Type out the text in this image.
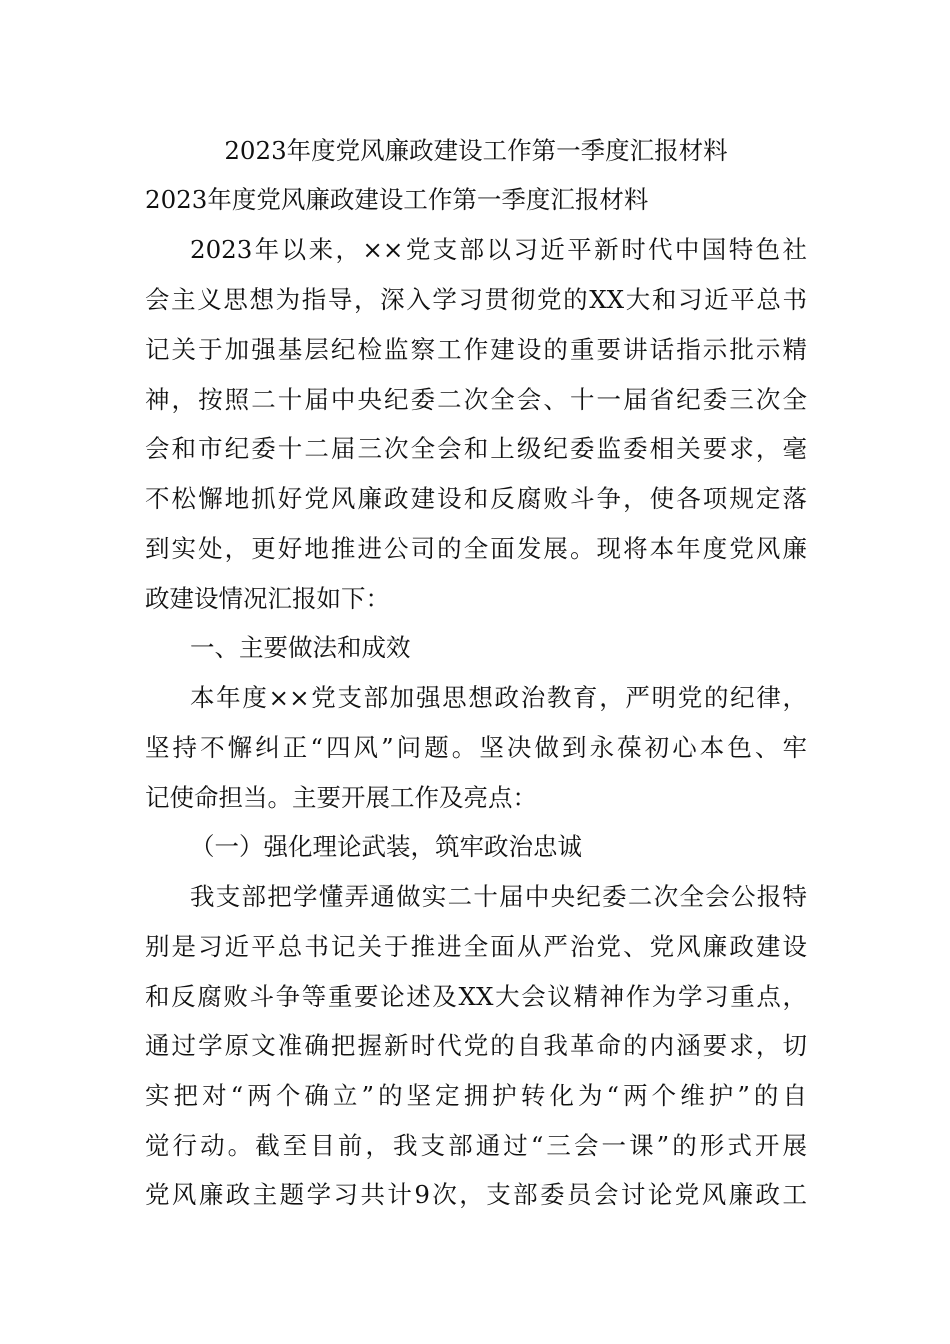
2023年度党风廉政建设工作第一季度汇报材料
2023年度党风廉政建设工作第一季度汇报材料
2023年以来，××党支部以习近平新时代中国特色社
会主义思想为指导，深入学习贯彻党的XX大和习近平总书
记关于加强基层纪检监察工作建设的重要讲话指示批示精
神，按照二十届中央纪委二次全会、十一届省纪委三次全
会和市纪委十二届三次全会和上级纪委监委相关要求，毫
不松懈地抓好党风廉政建设和反腐败斗争，使各项规定落
到实处，更好地推进公司的全面发展。现将本年度党风廉
政建设情况汇报如下：
一、主要做法和成效
本年度××党支部加强思想政治教育，严明党的纪律，
坚持不懈纠正“四风”问题。坚决做到永葆初心本色、牢
记使命担当。主要开展工作及亮点：
（一）强化理论武装，筑牢政治忠诚
我支部把学懂弄通做实二十届中央纪委二次全会公报特
别是习近平总书记关于推进全面从严治党、党风廉政建设
和反腐败斗争等重要论述及XX大会议精神作为学习重点，
通过学原文准确把握新时代党的自我革命的内涵要求，切
实把对“两个确立”的坚定拥护转化为“两个维护”的自
觉行动。截至目前，我支部通过“三会一课”的形式开展
党风廉政主题学习共计9次，支部委员会讨论党风廉政工
